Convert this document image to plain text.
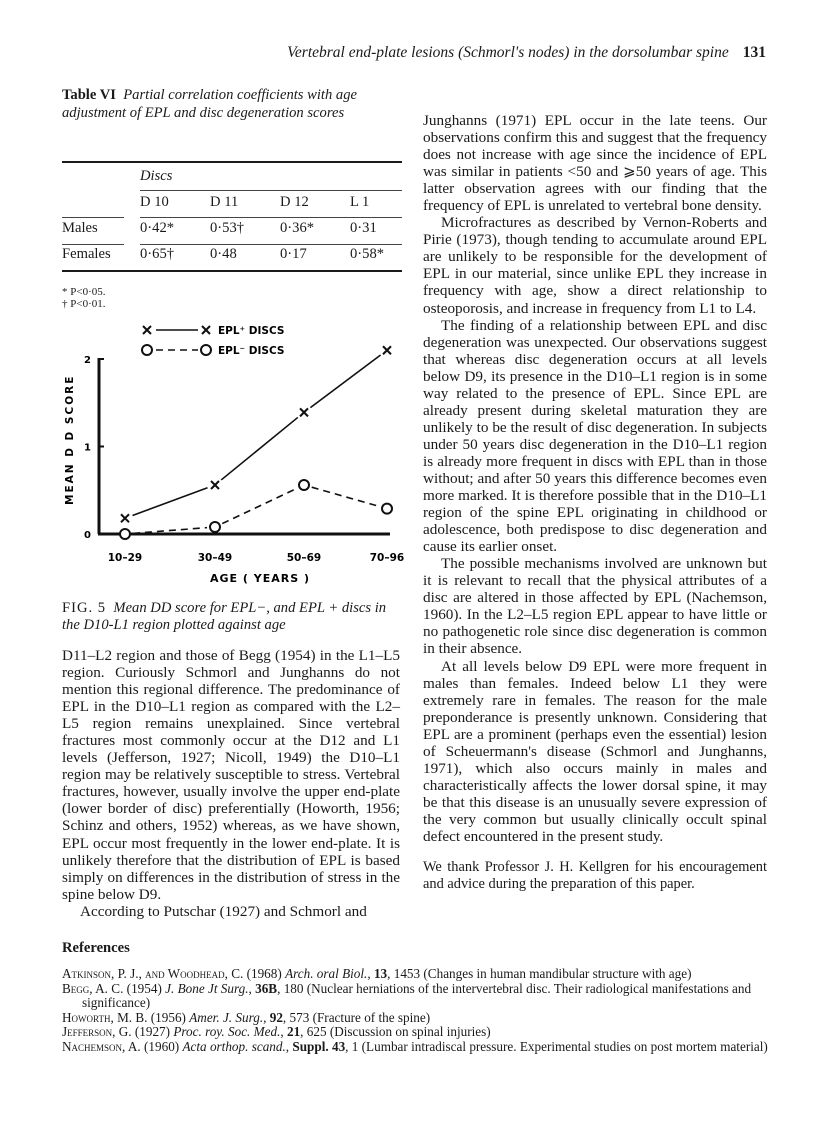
Vertebral end-plate lesions (Schmorl's nodes) in the dorsolumbar spine 131
Table VI Partial correlation coefficients with age adjustment of EPL and disc degeneration scores
	Discs			
	D 10	D 11	D 12	L 1
Males	0·42*	0·53†	0·36*	0·31
Females	0·65†	0·48	0·17	0·58*
* P<0·05.
† P<0·01.
EPL⁺ DISCS
EPL⁻ DISCS
0
1
2
10–29	30–49	50–69	70–96
MEAN D D SCORE
AGE ( YEARS )
FIG. 5 Mean DD score for EPL−, and EPL + discs in the D10-L1 region plotted against age

D11–L2 region and those of Begg (1954) in the L1–L5 region. Curiously Schmorl and Junghanns do not mention this regional difference. The predominance of EPL in the D10–L1 region as compared with the L2–L5 region remains unexplained. Since vertebral fractures most commonly occur at the D12 and L1 levels (Jefferson, 1927; Nicoll, 1949) the D10–L1 region may be relatively susceptible to stress. Vertebral fractures, however, usually involve the upper end-plate (lower border of disc) preferentially (Howorth, 1956; Schinz and others, 1952) whereas, as we have shown, EPL occur most frequently in the lower end-plate. It is unlikely therefore that the distribution of EPL is based simply on differences in the distribution of stress in the spine below D9.

According to Putschar (1927) and Schmorl and

Junghanns (1971) EPL occur in the late teens. Our observations confirm this and suggest that the frequency does not increase with age since the incidence of EPL was similar in patients <50 and ⩾50 years of age. This latter observation agrees with our finding that the frequency of EPL is unrelated to vertebral bone density.

Microfractures as described by Vernon-Roberts and Pirie (1973), though tending to accumulate around EPL are unlikely to be responsible for the development of EPL in our material, since unlike EPL they increase in frequency with age, show a direct relationship to osteoporosis, and increase in frequency from L1 to L4.

The finding of a relationship between EPL and disc degeneration was unexpected. Our observations suggest that whereas disc degeneration occurs at all levels below D9, its presence in the D10–L1 region is in some way related to the presence of EPL. Since EPL are already present during skeletal maturation they are unlikely to be the result of disc degeneration. In subjects under 50 years disc degeneration in the D10–L1 region is already more frequent in discs with EPL than in those without; and after 50 years this difference becomes even more marked. It is therefore possible that in the D10–L1 region of the spine EPL originating in childhood or adolescence, both predispose to disc degeneration and cause its earlier onset.

The possible mechanisms involved are unknown but it is relevant to recall that the physical attributes of a disc are altered in those affected by EPL (Nachemson, 1960). In the L2–L5 region EPL appear to have little or no pathogenetic role since disc degeneration is common in their absence.

At all levels below D9 EPL were more frequent in males than females. Indeed below L1 they were extremely rare in females. The reason for the male preponderance is presently unknown. Considering that EPL are a prominent (perhaps even the essential) lesion of Scheuermann's disease (Schmorl and Junghanns, 1971), which also occurs mainly in males and characteristically affects the lower dorsal spine, it may be that this disease is an unusually severe expression of the very common but usually clinically occult spinal defect encountered in the present study.

We thank Professor J. H. Kellgren for his encouragement and advice during the preparation of this paper.

References

Atkinson, P. J., and Woodhead, C. (1968) Arch. oral Biol., 13, 1453 (Changes in human mandibular structure with age)

Begg, A. C. (1954) J. Bone Jt Surg., 36B, 180 (Nuclear herniations of the intervertebral disc. Their radiological manifestations and significance)

Howorth, M. B. (1956) Amer. J. Surg., 92, 573 (Fracture of the spine)

Jefferson, G. (1927) Proc. roy. Soc. Med., 21, 625 (Discussion on spinal injuries)

Nachemson, A. (1960) Acta orthop. scand., Suppl. 43, 1 (Lumbar intradiscal pressure. Experimental studies on post mortem material)
